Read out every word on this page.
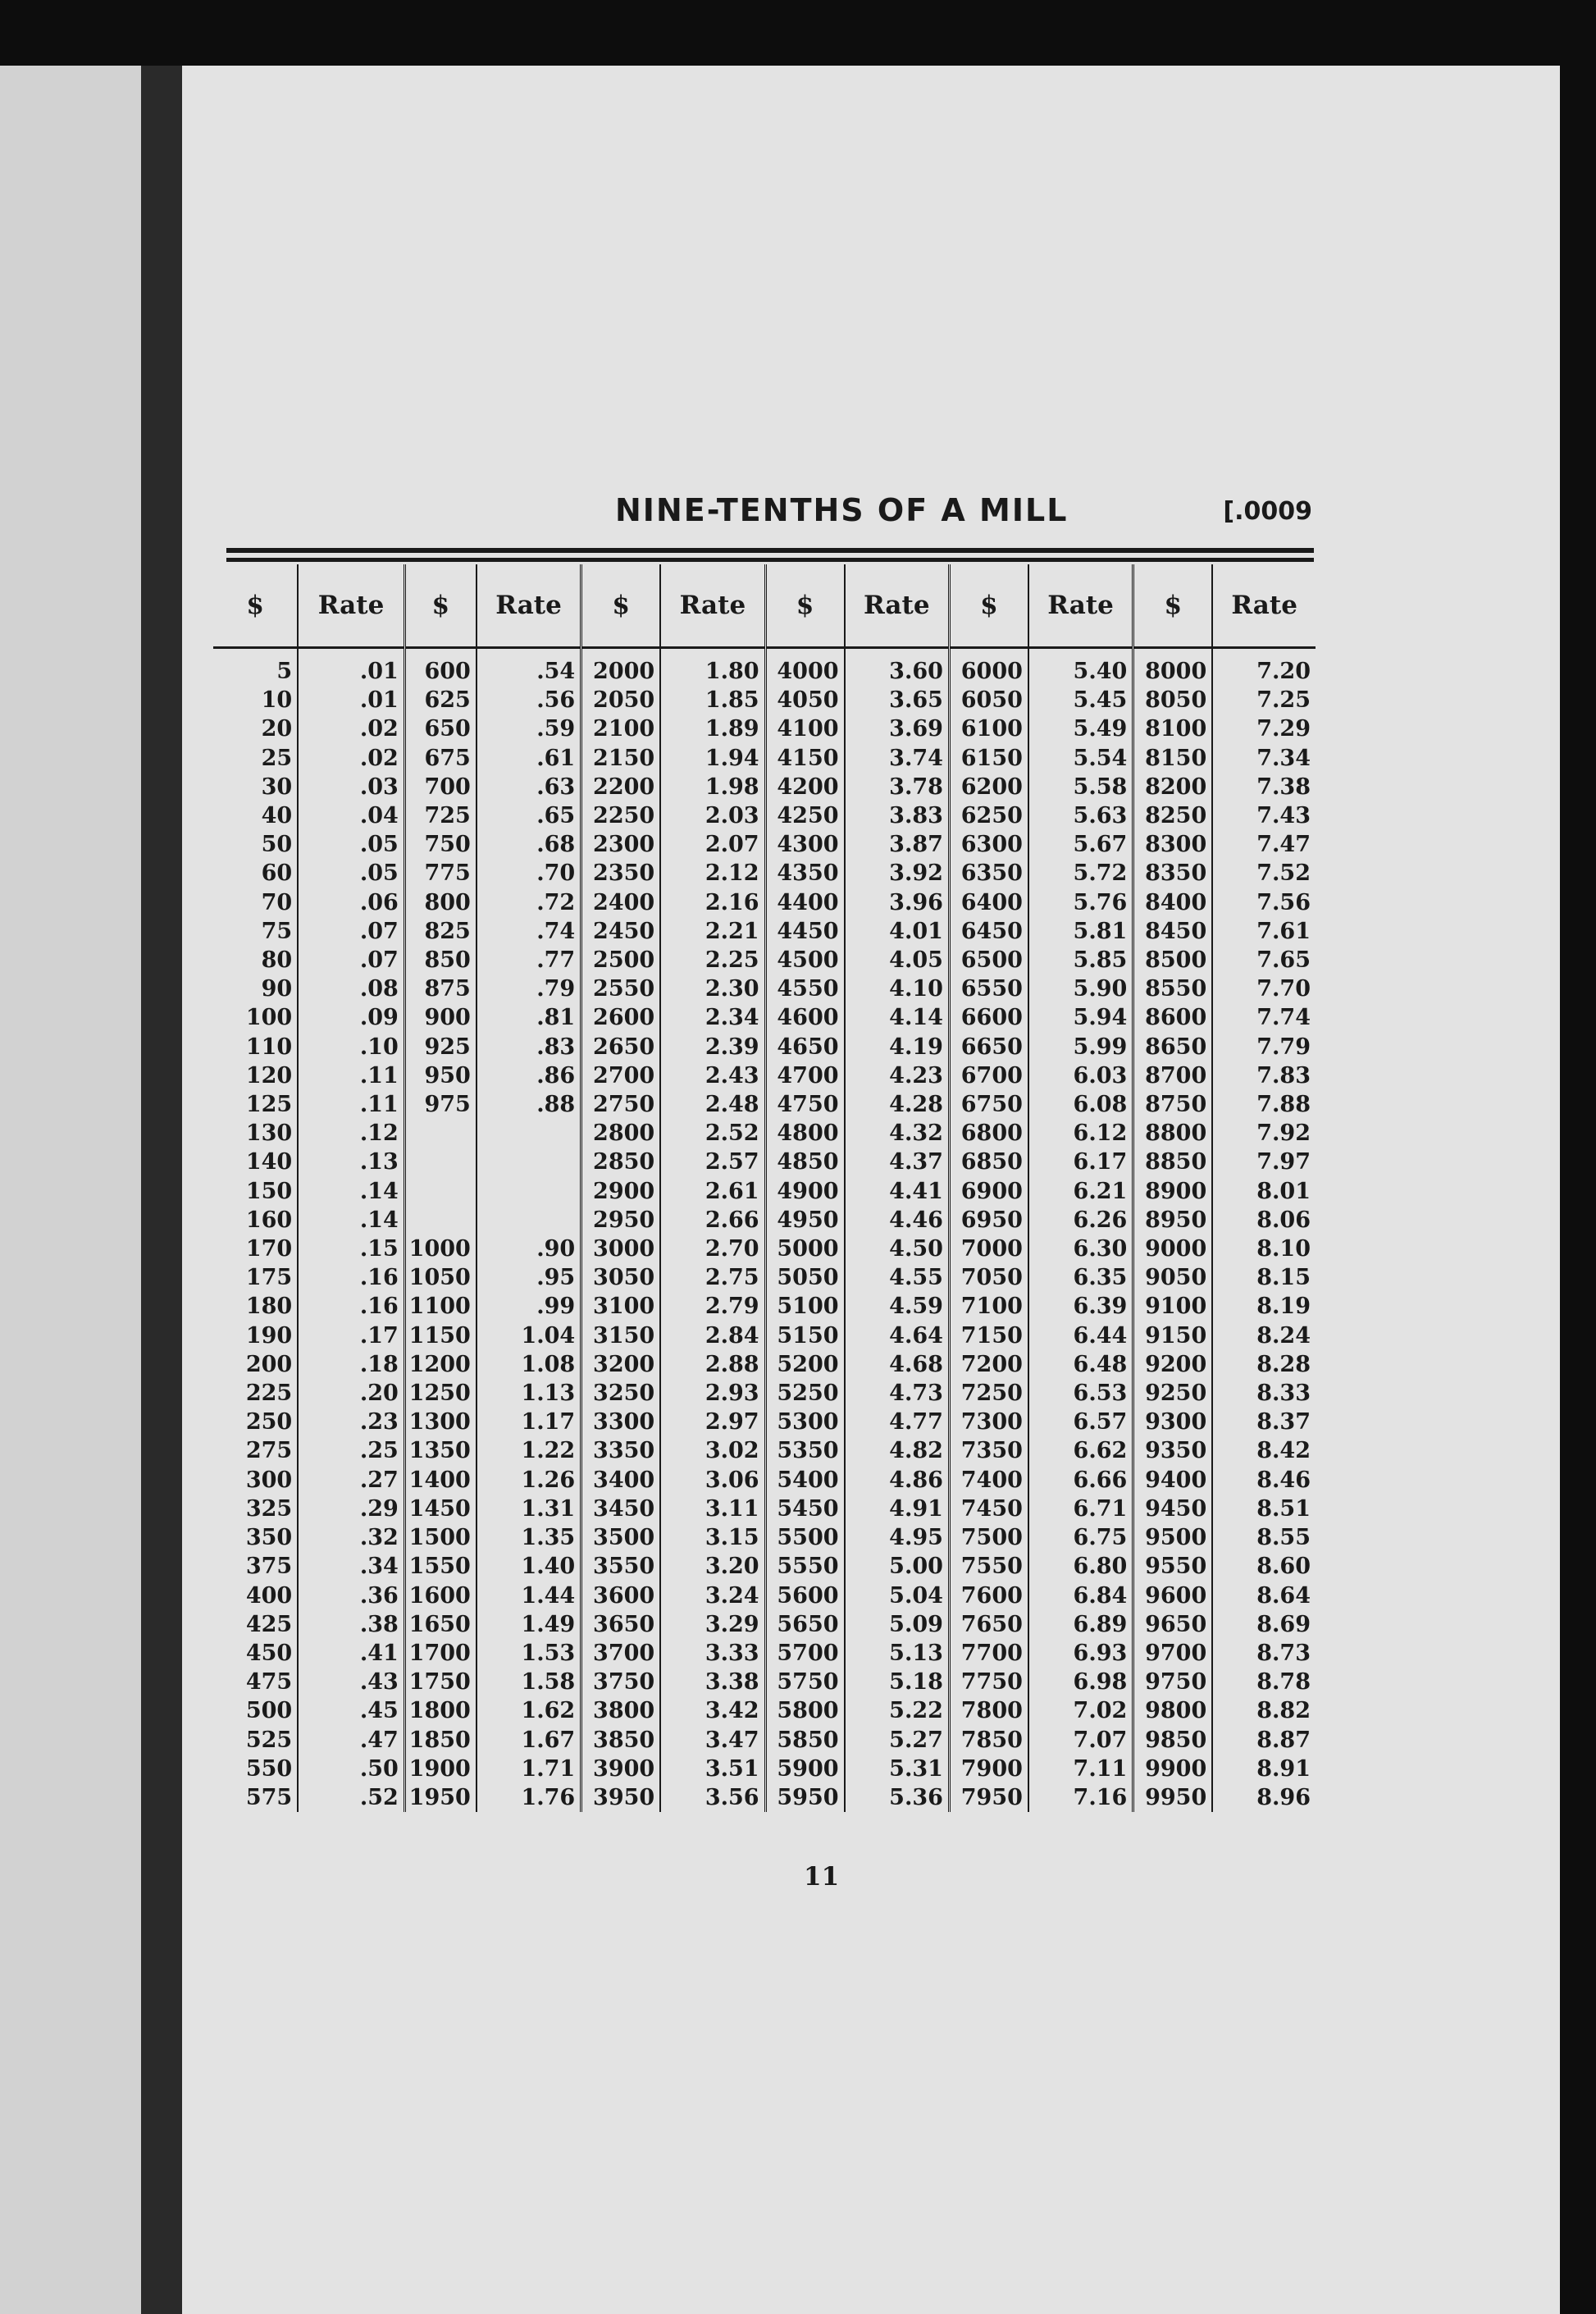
NINE-TENTHS OF A MILL	[.0009
$	Rate	$	Rate	$	Rate	$	Rate	$	Rate	$	Rate
5	.01	600	.54	2000	1.80	4000	3.60	6000	5.40	8000	7.20
10	.01	625	.56	2050	1.85	4050	3.65	6050	5.45	8050	7.25
20	.02	650	.59	2100	1.89	4100	3.69	6100	5.49	8100	7.29
25	.02	675	.61	2150	1.94	4150	3.74	6150	5.54	8150	7.34
30	.03	700	.63	2200	1.98	4200	3.78	6200	5.58	8200	7.38
40	.04	725	.65	2250	2.03	4250	3.83	6250	5.63	8250	7.43
50	.05	750	.68	2300	2.07	4300	3.87	6300	5.67	8300	7.47
60	.05	775	.70	2350	2.12	4350	3.92	6350	5.72	8350	7.52
70	.06	800	.72	2400	2.16	4400	3.96	6400	5.76	8400	7.56
75	.07	825	.74	2450	2.21	4450	4.01	6450	5.81	8450	7.61
80	.07	850	.77	2500	2.25	4500	4.05	6500	5.85	8500	7.65
90	.08	875	.79	2550	2.30	4550	4.10	6550	5.90	8550	7.70
100	.09	900	.81	2600	2.34	4600	4.14	6600	5.94	8600	7.74
110	.10	925	.83	2650	2.39	4650	4.19	6650	5.99	8650	7.79
120	.11	950	.86	2700	2.43	4700	4.23	6700	6.03	8700	7.83
125	.11	975	.88	2750	2.48	4750	4.28	6750	6.08	8750	7.88
130	.12			2800	2.52	4800	4.32	6800	6.12	8800	7.92
140	.13			2850	2.57	4850	4.37	6850	6.17	8850	7.97
150	.14			2900	2.61	4900	4.41	6900	6.21	8900	8.01
160	.14			2950	2.66	4950	4.46	6950	6.26	8950	8.06
170	.15	1000	.90	3000	2.70	5000	4.50	7000	6.30	9000	8.10
175	.16	1050	.95	3050	2.75	5050	4.55	7050	6.35	9050	8.15
180	.16	1100	.99	3100	2.79	5100	4.59	7100	6.39	9100	8.19
190	.17	1150	1.04	3150	2.84	5150	4.64	7150	6.44	9150	8.24
200	.18	1200	1.08	3200	2.88	5200	4.68	7200	6.48	9200	8.28
225	.20	1250	1.13	3250	2.93	5250	4.73	7250	6.53	9250	8.33
250	.23	1300	1.17	3300	2.97	5300	4.77	7300	6.57	9300	8.37
275	.25	1350	1.22	3350	3.02	5350	4.82	7350	6.62	9350	8.42
300	.27	1400	1.26	3400	3.06	5400	4.86	7400	6.66	9400	8.46
325	.29	1450	1.31	3450	3.11	5450	4.91	7450	6.71	9450	8.51
350	.32	1500	1.35	3500	3.15	5500	4.95	7500	6.75	9500	8.55
375	.34	1550	1.40	3550	3.20	5550	5.00	7550	6.80	9550	8.60
400	.36	1600	1.44	3600	3.24	5600	5.04	7600	6.84	9600	8.64
425	.38	1650	1.49	3650	3.29	5650	5.09	7650	6.89	9650	8.69
450	.41	1700	1.53	3700	3.33	5700	5.13	7700	6.93	9700	8.73
475	.43	1750	1.58	3750	3.38	5750	5.18	7750	6.98	9750	8.78
500	.45	1800	1.62	3800	3.42	5800	5.22	7800	7.02	9800	8.82
525	.47	1850	1.67	3850	3.47	5850	5.27	7850	7.07	9850	8.87
550	.50	1900	1.71	3900	3.51	5900	5.31	7900	7.11	9900	8.91
575	.52	1950	1.76	3950	3.56	5950	5.36	7950	7.16	9950	8.96
11
